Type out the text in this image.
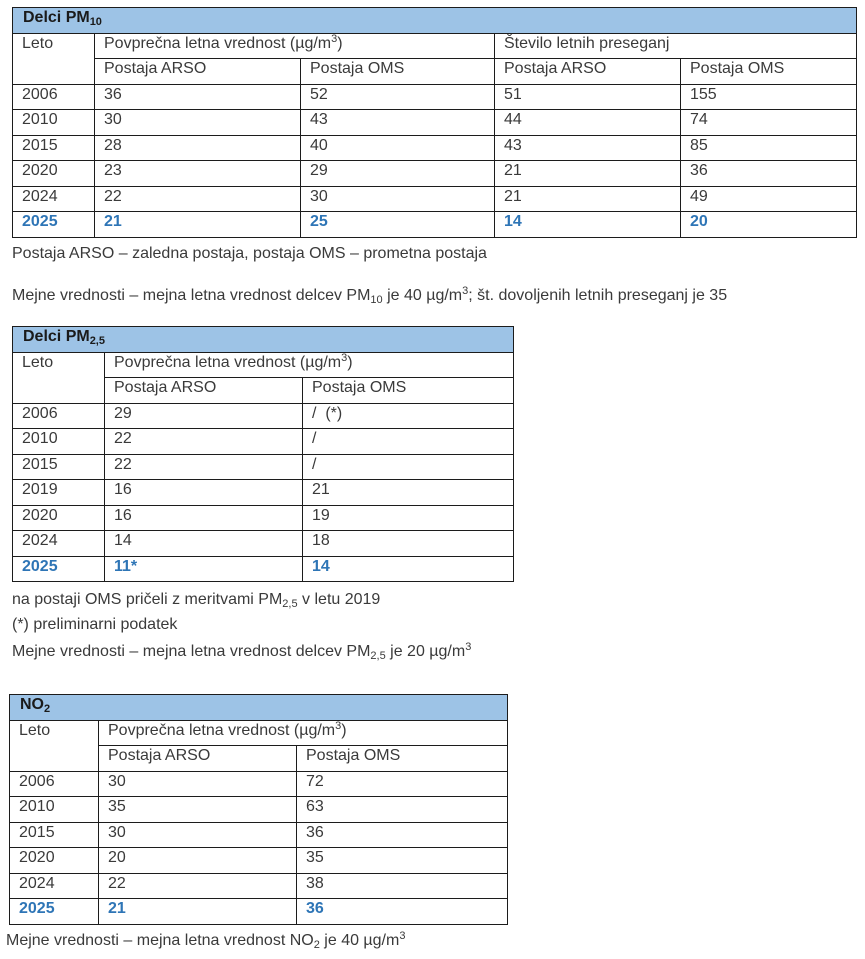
Delci $PM_{10}$
Leto	Povprečna letna vrednost $(\mu g/m^3)$		Število letnih preseganj	
	Postaja ARSO	Postaja OMS	Postaja ARSO	Postaja OMS
2006	36	52	51	155
2010	30	43	44	74
2015	28	40	43	85
2020	23	29	21	36
2024	22	30	21	49
2025	21	25	14	20
Postaja ARSO – zaledna postaja, postaja OMS – prometna postaja
Mejne vrednosti – mejna letna vrednost delcev $PM_{10}$ je 40 $\mu g/m^3$; št. dovoljenih letnih preseganj je 35
Delci $PM_{2,5}$
Leto	Povprečna letna vrednost $(\mu g/m^3)$	
	Postaja ARSO	Postaja OMS
2006	29	/  (*)
2010	22	/
2015	22	/
2019	16	21
2020	16	19
2024	14	18
2025	11*	14
na postaji OMS pričeli z meritvami $PM_{2,5}$ v letu 2019
(*) preliminarni podatek
Mejne vrednosti – mejna letna vrednost delcev $PM_{2,5}$ je 20 $\mu g/m^3$
$NO_2$
Leto	Povprečna letna vrednost $(\mu g/m^3)$	
	Postaja ARSO	Postaja OMS
2006	30	72
2010	35	63
2015	30	36
2020	20	35
2024	22	38
2025	21	36
Mejne vrednosti – mejna letna vrednost $NO_2$ je 40 $\mu g/m^3$
